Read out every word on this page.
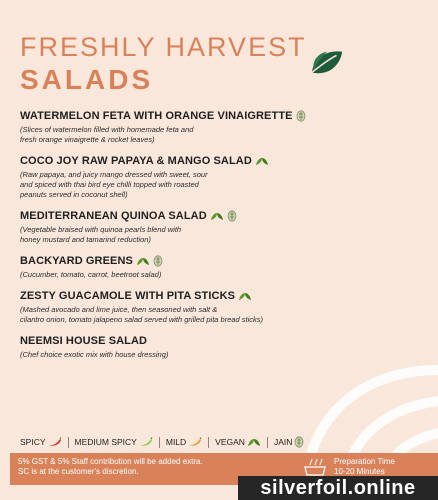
FRESHLY HARVEST
SALADS
WATERMELON FETA WITH ORANGE VINAIGRETTE
(Slices of watermelon filled with homemade feta and
fresh orange vinaigrette & rocket leaves)
COCO JOY RAW PAPAYA & MANGO SALAD
(Raw papaya, and juicy mango dressed with sweet, sour
and spiced with thai bird eye chilli topped with roasted
peanuts served in coconut shell)
MEDITERRANEAN QUINOA SALAD
(Vegetable braised with quinoa pearls blend with
honey mustard and tamarind reduction)
BACKYARD GREENS
(Cucumber, tomato, carrot, beetroot salad)
ZESTY GUACAMOLE WITH PITA STICKS
(Mashed avocado and lime juice, then seasoned with salt &
cilantro onion, tomato jalapeno salad served with grilled pita bread sticks)
NEEMSI HOUSE SALAD
(Chef choice exotic mix with house dressing)
SPICY	MEDIUM SPICY	MILD	VEGAN	JAIN
5% GST & 5% Staff contribution will be added extra.
SC is at the customer's discretion.
Preparation Time
10-20 Minutes
silverfoil.online
